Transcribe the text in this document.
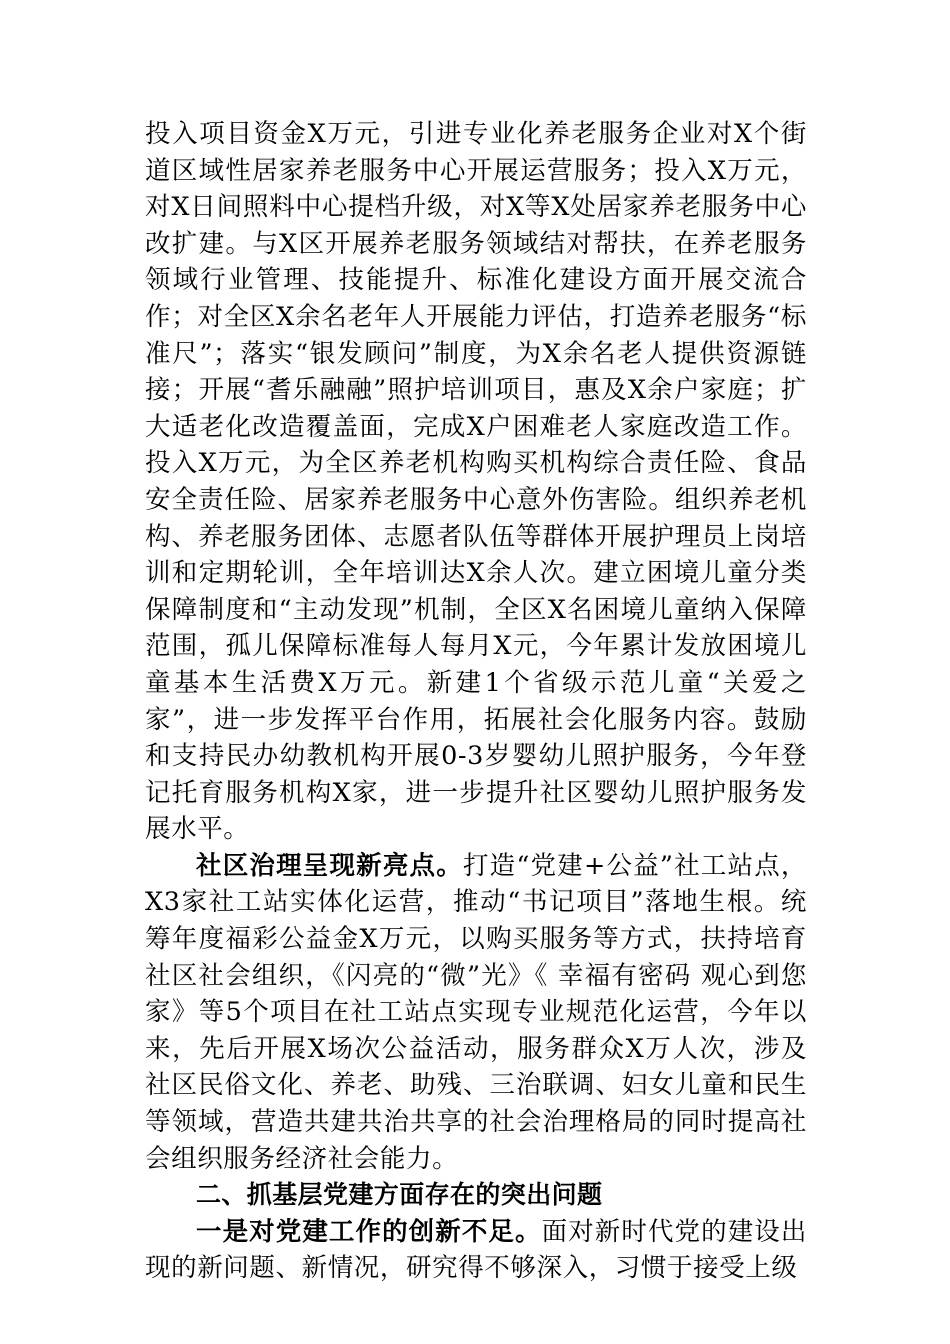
投入项目资金X万元，引进专业化养老服务企业对X个街道区域性居家养老服务中心开展运营服务；投入X万元，对X日间照料中心提档升级，对X等X处居家养老服务中心改扩建。与X区开展养老服务领域结对帮扶，在养老服务领域行业管理、技能提升、标准化建设方面开展交流合作；对全区X余名老年人开展能力评估，打造养老服务“标准尺”；落实“银发顾问”制度，为X余名老人提供资源链接；开展“耆乐融融”照护培训项目，惠及X余户家庭；扩大适老化改造覆盖面，完成X户困难老人家庭改造工作。投入X万元，为全区养老机构购买机构综合责任险、食品安全责任险、居家养老服务中心意外伤害险。组织养老机构、养老服务团体、志愿者队伍等群体开展护理员上岗培训和定期轮训，全年培训达X余人次。建立困境儿童分类保障制度和“主动发现”机制，全区X名困境儿童纳入保障范围，孤儿保障标准每人每月X元，今年累计发放困境儿童基本生活费X万元。新建1个省级示范儿童“关爱之家”，进一步发挥平台作用，拓展社会化服务内容。鼓励和支持民办幼教机构开展0-3岁婴幼儿照护服务，今年登记托育服务机构X家，进一步提升社区婴幼儿照护服务发展水平。

社区治理呈现新亮点。打造“党建+公益”社工站点，X3家社工站实体化运营，推动“书记项目”落地生根。统筹年度福彩公益金X万元，以购买服务等方式，扶持培育社区社会组织，《闪亮的“微”光》《 幸福有密码 观心到您家》等5个项目在社工站点实现专业规范化运营，今年以来，先后开展X场次公益活动，服务群众X万人次，涉及社区民俗文化、养老、助残、三治联调、妇女儿童和民生等领域，营造共建共治共享的社会治理格局的同时提高社会组织服务经济社会能力。

二、抓基层党建方面存在的突出问题

一是对党建工作的创新不足。面对新时代党的建设出现的新问题、新情况，研究得不够深入，习惯于接受上级
